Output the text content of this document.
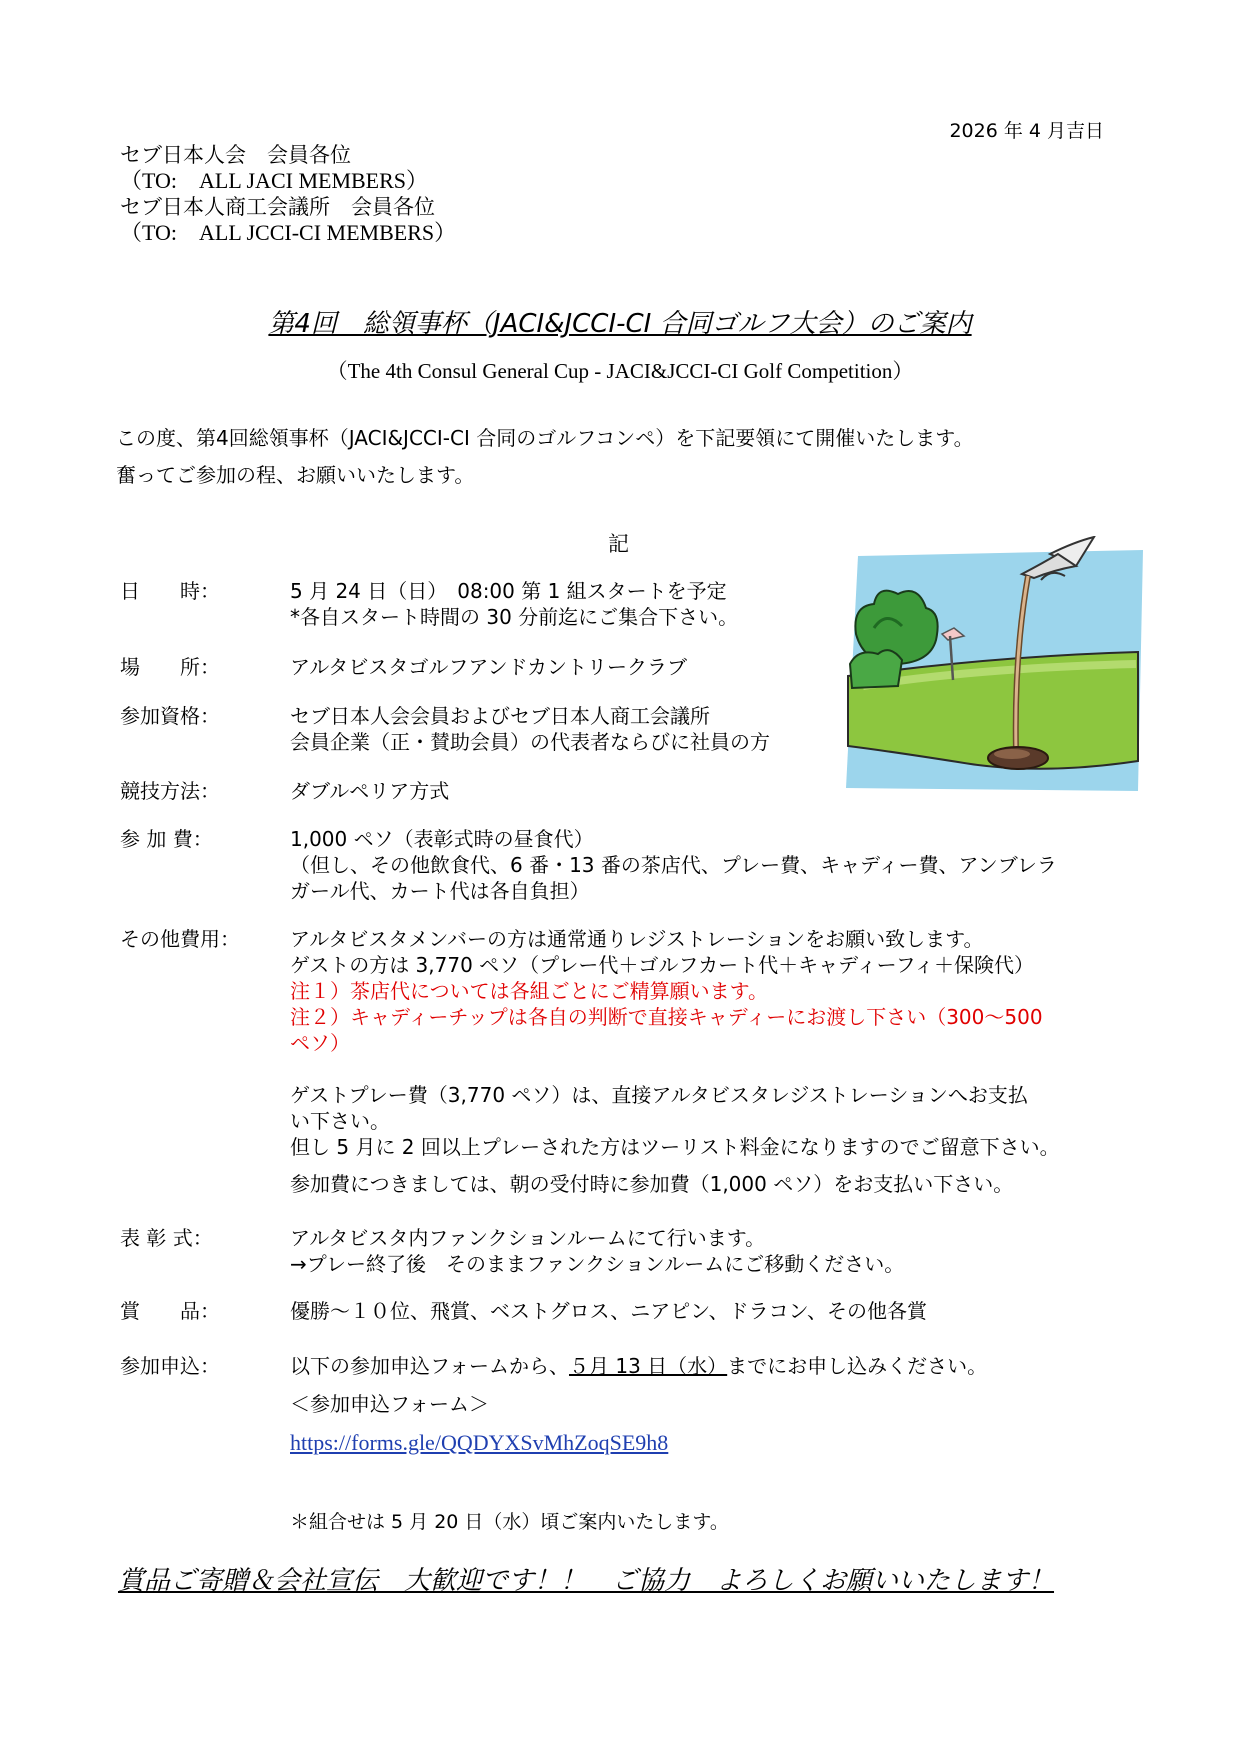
2026 年 4 月吉日
セブ日本人会　会員各位
（TO:　ALL JACI MEMBERS）
セブ日本人商工会議所　会員各位
（TO:　ALL JCCI-CI MEMBERS）
第4回　総領事杯（JACI&JCCI-CI 合同ゴルフ大会）のご案内
（The 4th Consul General Cup - JACI&JCCI-CI Golf Competition）
この度、第4回総領事杯（JACI&JCCI-CI 合同のゴルフコンペ）を下記要領にて開催いたします。
奮ってご参加の程、お願いいたします。
記
日　　時：	5 月 24 日（日）　08:00 第 1 組スタートを予定
*各自スタート時間の 30 分前迄にご集合下さい。
場　　所：	アルタビスタゴルフアンドカントリークラブ
参加資格：	セブ日本人会会員およびセブ日本人商工会議所
会員企業（正・賛助会員）の代表者ならびに社員の方
競技方法：	ダブルペリア方式
参 加 費：	1,000 ペソ（表彰式時の昼食代）
（但し、その他飲食代、6 番・13 番の茶店代、プレー費、キャディー費、アンブレラ
ガール代、カート代は各自負担）
その他費用：	アルタビスタメンバーの方は通常通りレジストレーションをお願い致します。
ゲストの方は 3,770 ペソ（プレー代＋ゴルフカート代＋キャディーフィ＋保険代）
注１）茶店代については各組ごとにご精算願います。
注２）キャディーチップは各自の判断で直接キャディーにお渡し下さい（300～500
ペソ）
ゲストプレー費（3,770 ペソ）は、直接アルタビスタレジストレーションへお支払
い下さい。
但し 5 月に 2 回以上プレーされた方はツーリスト料金になりますのでご留意下さい。
参加費につきましては、朝の受付時に参加費（1,000 ペソ）をお支払い下さい。
表 彰 式：	アルタビスタ内ファンクションルームにて行います。
→プレー終了後　そのままファンクションルームにご移動ください。
賞　　品：	優勝～１０位、飛賞、ベストグロス、ニアピン、ドラコン、その他各賞
参加申込：	以下の参加申込フォームから、５月 13 日（水）までにお申し込みください。
＜参加申込フォーム＞
https://forms.gle/QQDYXSvMhZoqSE9h8
＊組合せは 5 月 20 日（水）頃ご案内いたします。
賞品ご寄贈＆会社宣伝　大歓迎です！！　ご協力　よろしくお願いいたします！
